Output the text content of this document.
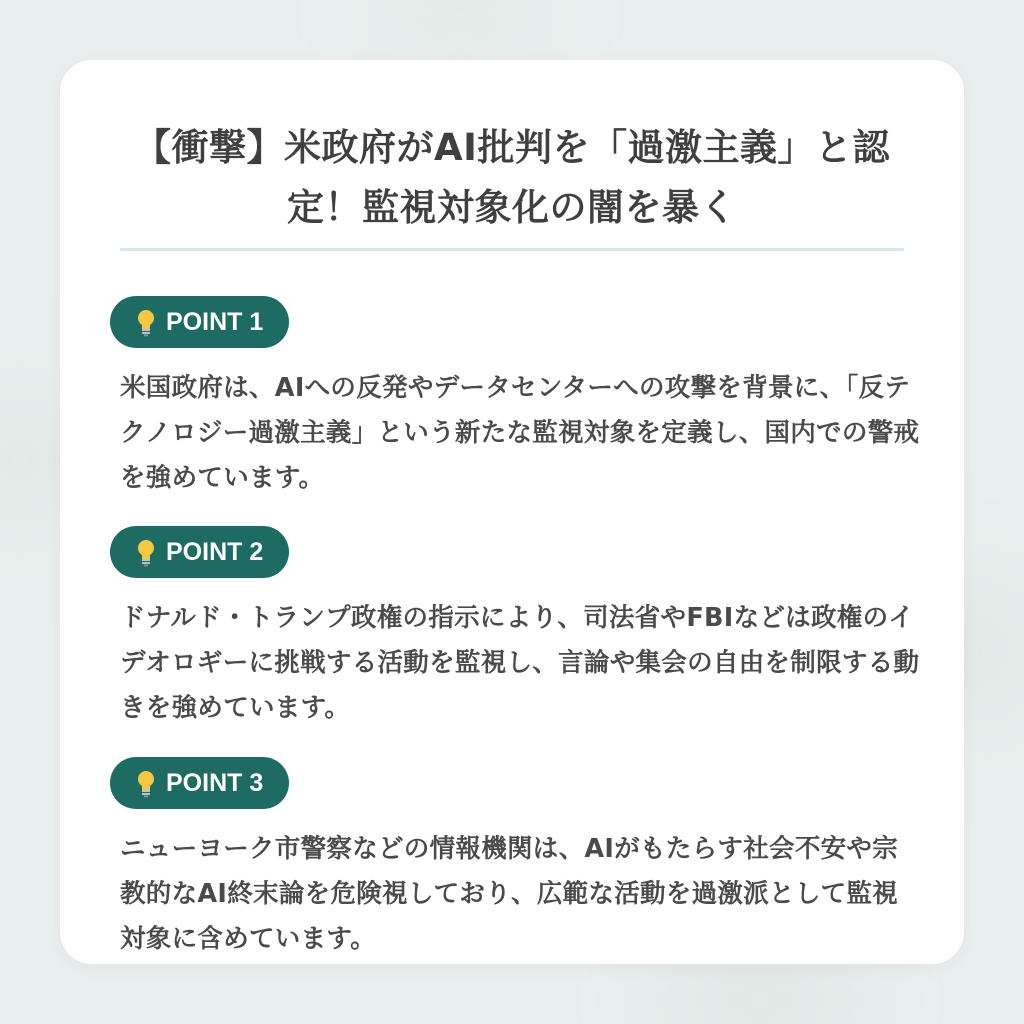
【衝撃】米政府がAI批判を「過激主義」と認定！監視対象化の闇を暴く
POINT 1
米国政府は、AIへの反発やデータセンターへの攻撃を背景に、「反テクノロジー過激主義」という新たな監視対象を定義し、国内での警戒を強めています。
POINT 2
ドナルド・トランプ政権の指示により、司法省やFBIなどは政権のイデオロギーに挑戦する活動を監視し、言論や集会の自由を制限する動きを強めています。
POINT 3
ニューヨーク市警察などの情報機関は、AIがもたらす社会不安や宗教的なAI終末論を危険視しており、広範な活動を過激派として監視対象に含めています。
